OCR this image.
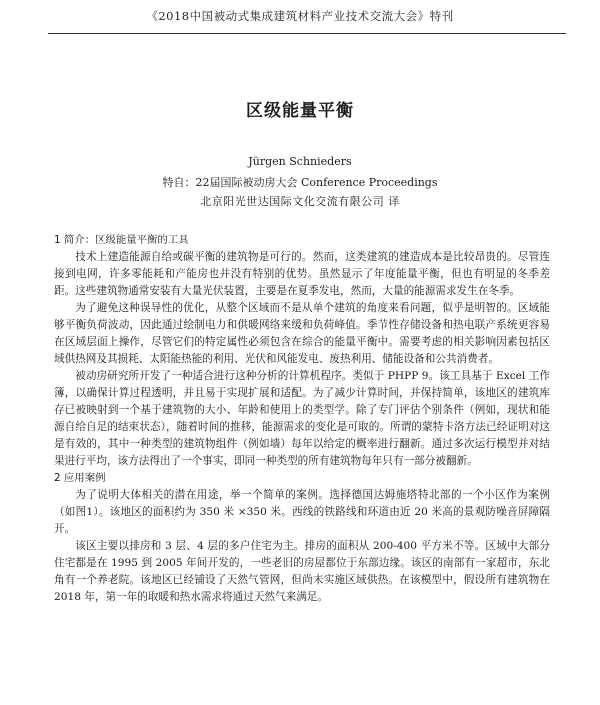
《2018中国被动式集成建筑材料产业技术交流大会》特刊
区级能量平衡
Jürgen Schnieders
特自：22届国际被动房大会 Conference Proceedings
北京阳光世达国际文化交流有限公司 译
1 简介：区级能量平衡的工具

技术上建造能源自给或碳平衡的建筑物是可行的。然而，这类建筑的建造成本是比较昂贵的。尽管连接到电网，许多零能耗和产能房也并没有特别的优势。虽然显示了年度能量平衡，但也有明显的冬季差距。这些建筑物通常安装有大量光伏装置，主要是在夏季发电，然而，大量的能源需求发生在冬季。

为了避免这种误导性的优化，从整个区域而不是从单个建筑的角度来看问题，似乎是明智的。区域能够平衡负荷波动，因此通过绘制电力和供暖网络来缓和负荷峰值。季节性存储设备和热电联产系统更容易在区域层面上操作，尽管它们的特定属性必须包含在综合的能量平衡中。需要考虑的相关影响因素包括区域供热网及其损耗、太阳能热能的利用、光伏和风能发电、废热利用、储能设备和公共消费者。

被动房研究所开发了一种适合进行这种分析的计算机程序。类似于 PHPP 9。该工具基于 Excel 工作簿，以确保计算过程透明，并且易于实现扩展和适配。为了减少计算时间，并保持简单，该地区的建筑库存已被映射到一个基于建筑物的大小、年龄和使用上的类型学。除了专门评估个别条件（例如，现状和能源自给自足的结束状态），随着时间的推移，能源需求的变化是可取的。所谓的蒙特卡洛方法已经证明对这是有效的，其中一种类型的建筑物组件（例如墙）每年以给定的概率进行翻新。通过多次运行模型并对结果进行平均，该方法得出了一个事实，即同一种类型的所有建筑物每年只有一部分被翻新。

2 应用案例

为了说明大体相关的潜在用途，举一个简单的案例。选择德国达姆施塔特北部的一个小区作为案例（如图1）。该地区的面积约为 350 米 ×350 米。西线的铁路线和环道由近 20 米高的景观防噪音屏障隔开。

该区主要以排房和 3 层、4 层的多户住宅为主。排房的面积从 200-400 平方米不等。区域中大部分住宅都是在 1995 到 2005 年间开发的，一些老旧的房屋都位于东部边缘。该区的南部有一家超市，东北角有一个养老院。该地区已经铺设了天然气管网，但尚未实施区域供热。在该模型中，假设所有建筑物在 2018 年，第一年的取暖和热水需求将通过天然气来满足。
